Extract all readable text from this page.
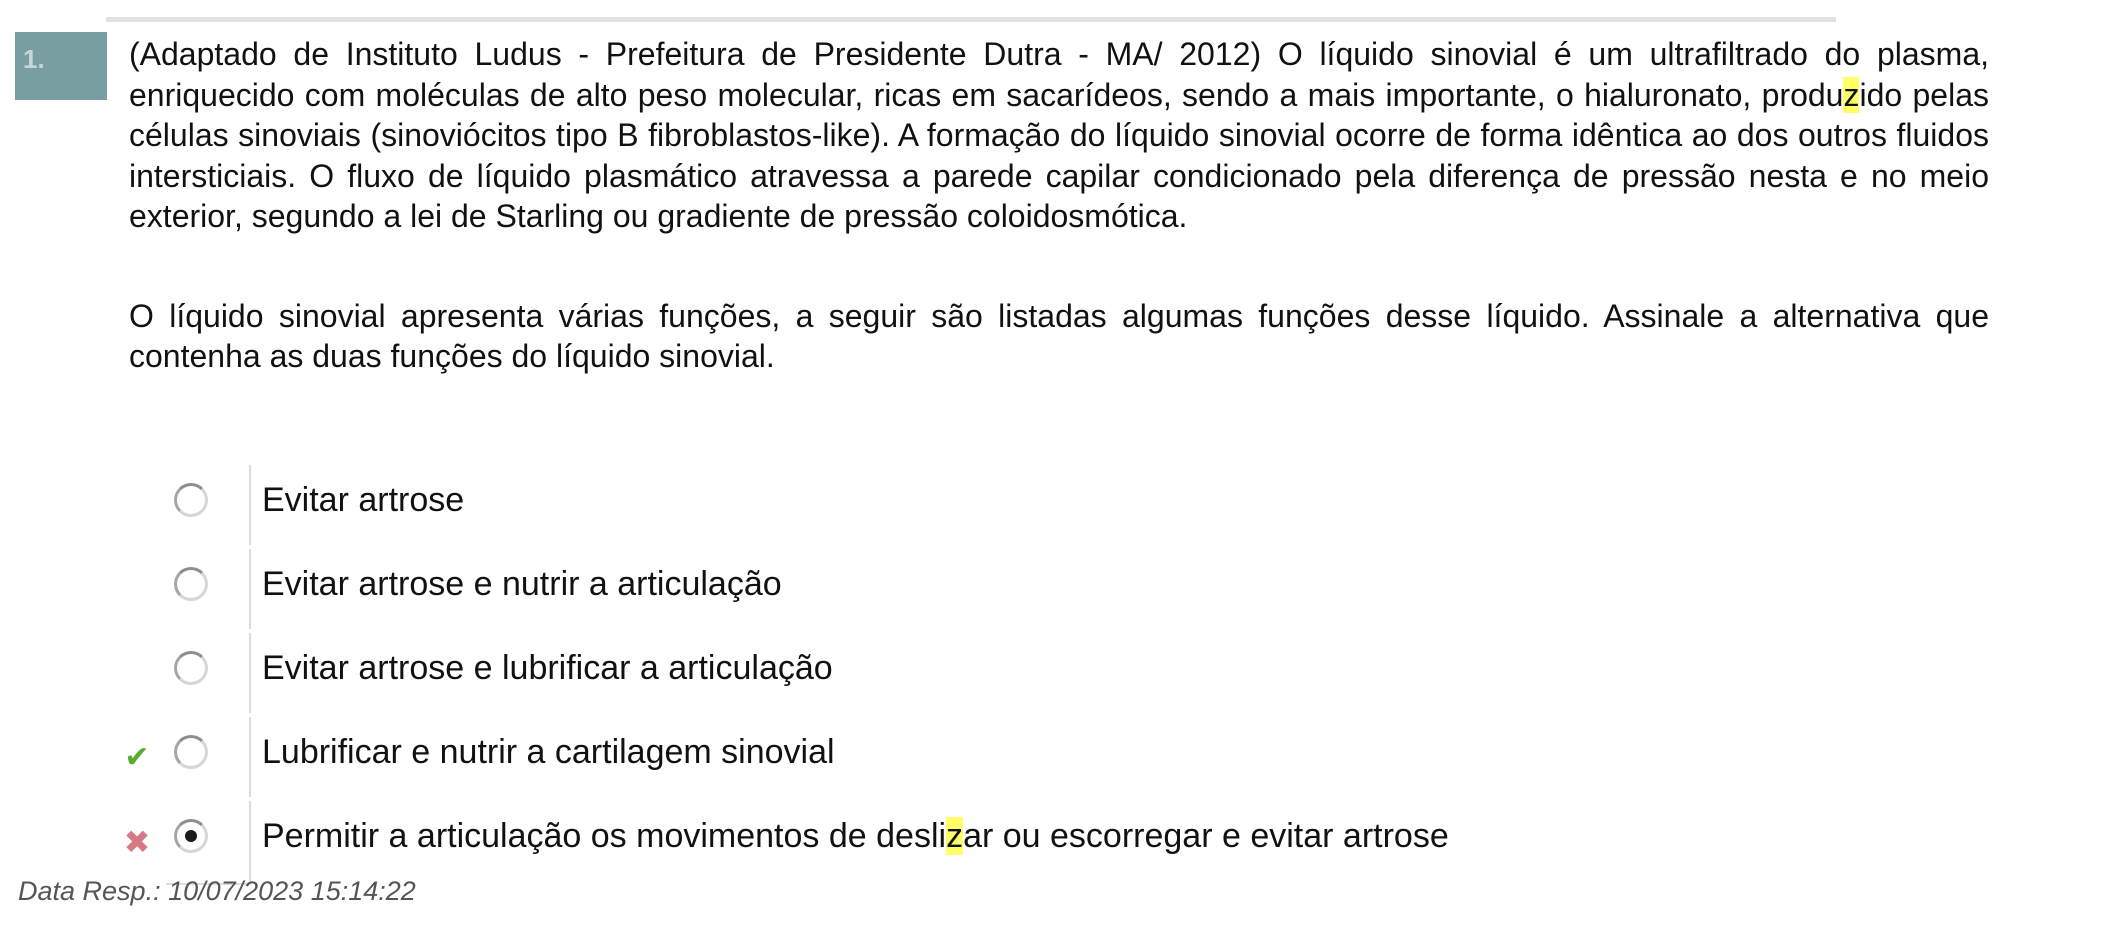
1.	(Adaptado de Instituto Ludus - Prefeitura de Presidente Dutra - MA/ 2012) O líquido sinovial é um ultrafiltrado do plasma, enriquecido com moléculas de alto peso molecular, ricas em sacarídeos, sendo a mais importante, o hialuronato, produzido pelas células sinoviais (sinoviócitos tipo B fibroblastos-like). A formação do líquido sinovial ocorre de forma idêntica ao dos outros fluidos intersticiais. O fluxo de líquido plasmático atravessa a parede capilar condicionado pela diferença de pressão nesta e no meio exterior, segundo a lei de Starling ou gradiente de pressão coloidosmótica.

O líquido sinovial apresenta várias funções, a seguir são listadas algumas funções desse líquido. Assinale a alternativa que contenha as duas funções do líquido sinovial.

Evitar artrose
Evitar artrose e nutrir a articulação
Evitar artrose e lubrificar a articulação
✔	Lubrificar e nutrir a cartilagem sinovial
✖	Permitir a articulação os movimentos de deslizar ou escorregar e evitar artrose
Data Resp.: 10/07/2023 15:14:22
